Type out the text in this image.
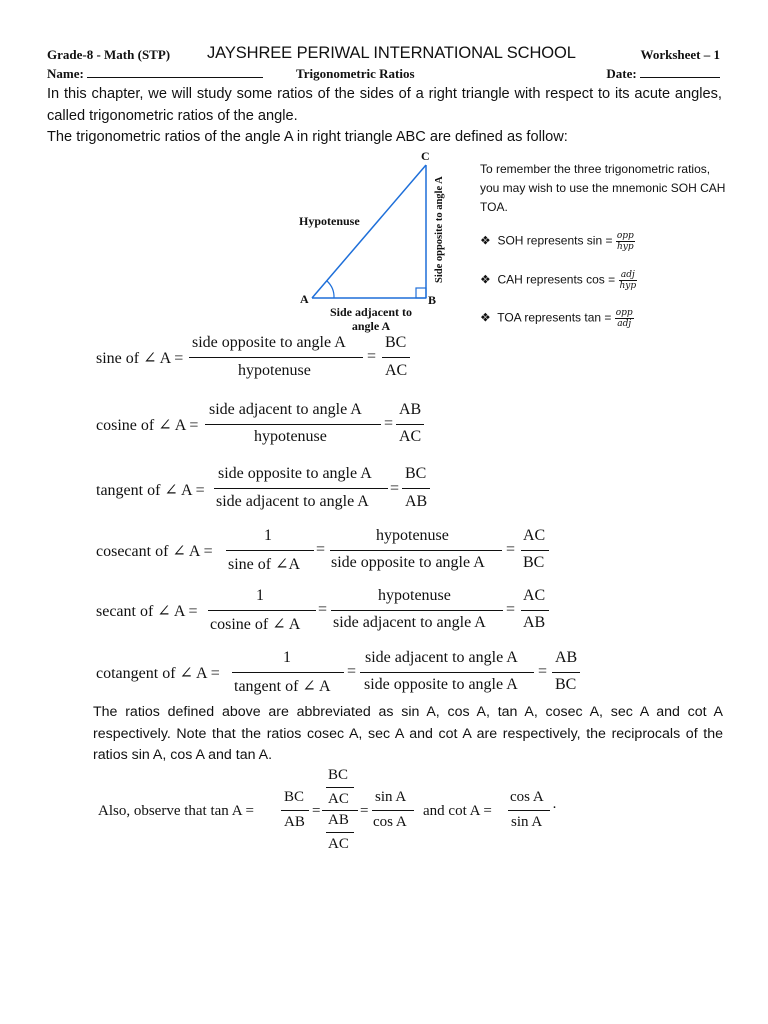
Grade-8 - Math (STP) JAYSHREE PERIWAL INTERNATIONAL SCHOOL	Worksheet – 1
Name:	Trigonometric Ratios	Date:
In this chapter, we will study some ratios of the sides of a right triangle with respect to its acute angles, called trigonometric ratios of the angle.
The trigonometric ratios of the angle A in right triangle ABC are defined as follow:
A	B
C
Hypotenuse
Side adjacent to
angle A
Side opposite to angle A
To remember the three trigonometric ratios, you may wish to use the mnemonic SOH CAH TOA.
❖ SOH represents $\sin = \frac{\text{opp}}{\text{hyp}}$
❖ CAH represents $\cos = \frac{\text{adj}}{\text{hyp}}$
❖ TOA represents $\tan = \frac{\text{opp}}{\text{adj}}$
sine of ∠ A =
side opposite to angle A
hypotenuse
=
BC
AC
cosine of ∠ A =
side adjacent to angle A
hypotenuse
=
AB
AC
tangent of ∠ A =
side opposite to angle A
side adjacent to angle A
=
BC
AB
cosecant of ∠ A =
1
sine of ∠A
=
hypotenuse
side opposite to angle A
=
AC
BC
secant of ∠ A =
1
cosine of ∠ A
=
hypotenuse
side adjacent to angle A
=
AC
AB
cotangent of ∠ A =
1
tangent of ∠ A
=
side adjacent to angle A
side opposite to angle A
=
AB
BC
The ratios defined above are abbreviated as sin A, cos A, tan A, cosec A, sec A and cot A respectively. Note that the ratios cosec A, sec A and cot A are respectively, the reciprocals of the ratios sin A, cos A and tan A.
Also, observe that tan A =
BC
AB
=
BC
AC
AB
AC
=
sin A
cos A
and cot A =
cos A
sin A
·
